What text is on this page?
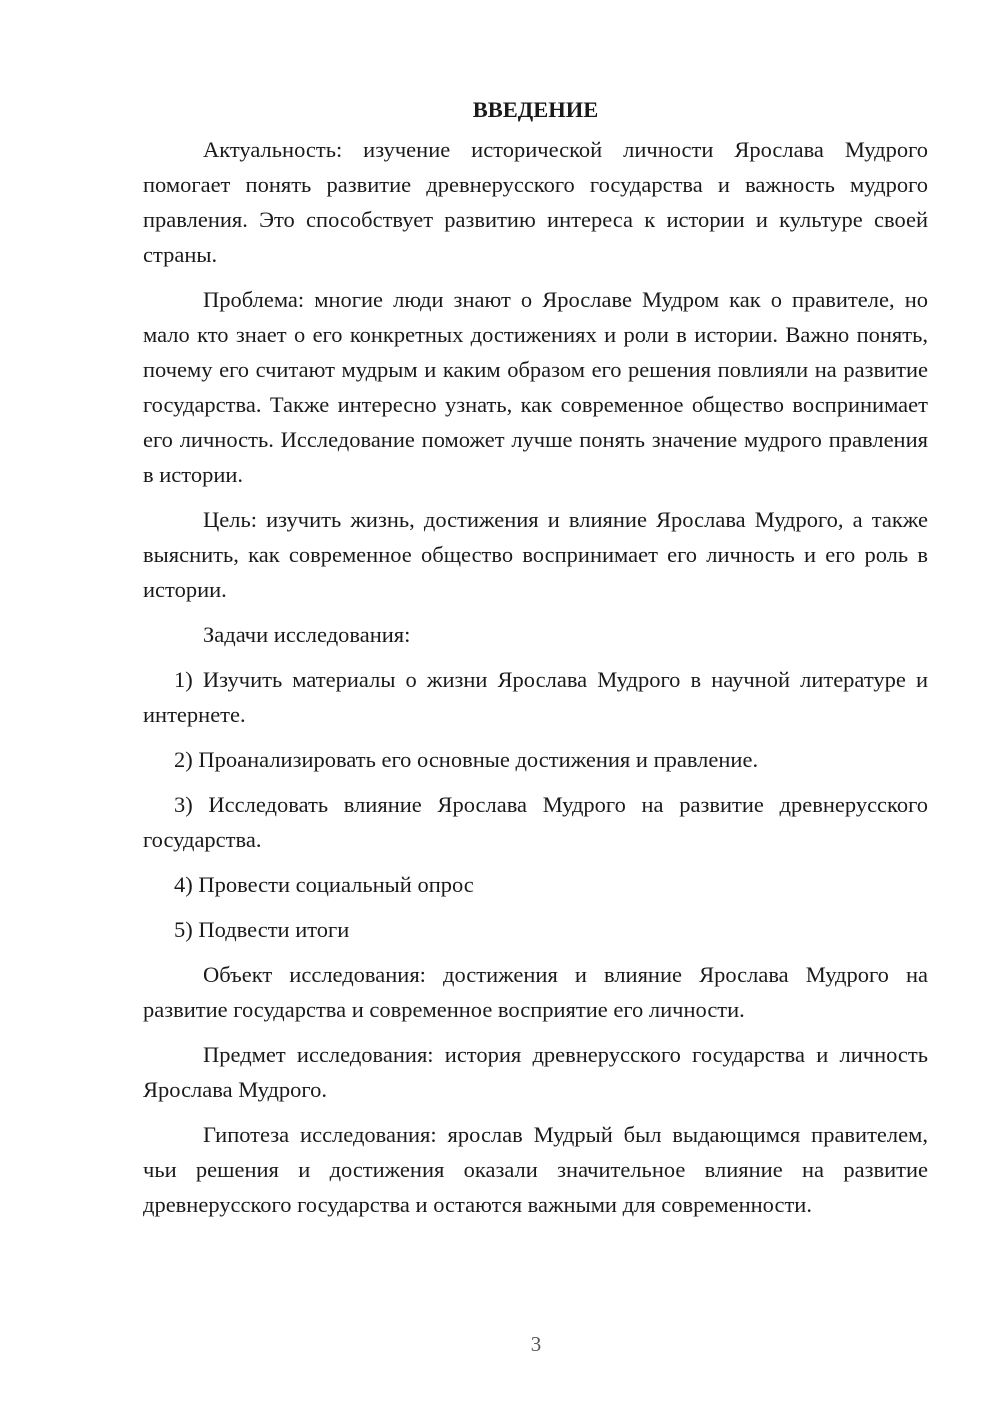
ВВЕДЕНИЕ

Актуальность: изучение исторической личности Ярослава Мудрого помогает понять развитие древнерусского государства и важность мудрого правления. Это способствует развитию интереса к истории и культуре своей страны.

Проблема: многие люди знают о Ярославе Мудром как о правителе, но мало кто знает о его конкретных достижениях и роли в истории. Важно понять, почему его считают мудрым и каким образом его решения повлияли на развитие государства. Также интересно узнать, как современное общество воспринимает его личность. Исследование поможет лучше понять значение мудрого правления в истории.

Цель: изучить жизнь, достижения и влияние Ярослава Мудрого, а также выяснить, как современное общество воспринимает его личность и его роль в истории.

Задачи исследования:

1) Изучить материалы о жизни Ярослава Мудрого в научной литературе и интернете.

2) Проанализировать его основные достижения и правление.

3) Исследовать влияние Ярослава Мудрого на развитие древнерусского государства.

4) Провести социальный опрос

5) Подвести итоги

Объект исследования: достижения и влияние Ярослава Мудрого на развитие государства и современное восприятие его личности.

Предмет исследования: история древнерусского государства и личность Ярослава Мудрого.

Гипотеза исследования: ярослав Мудрый был выдающимся правителем, чьи решения и достижения оказали значительное влияние на развитие древнерусского государства и остаются важными для современности.

3
